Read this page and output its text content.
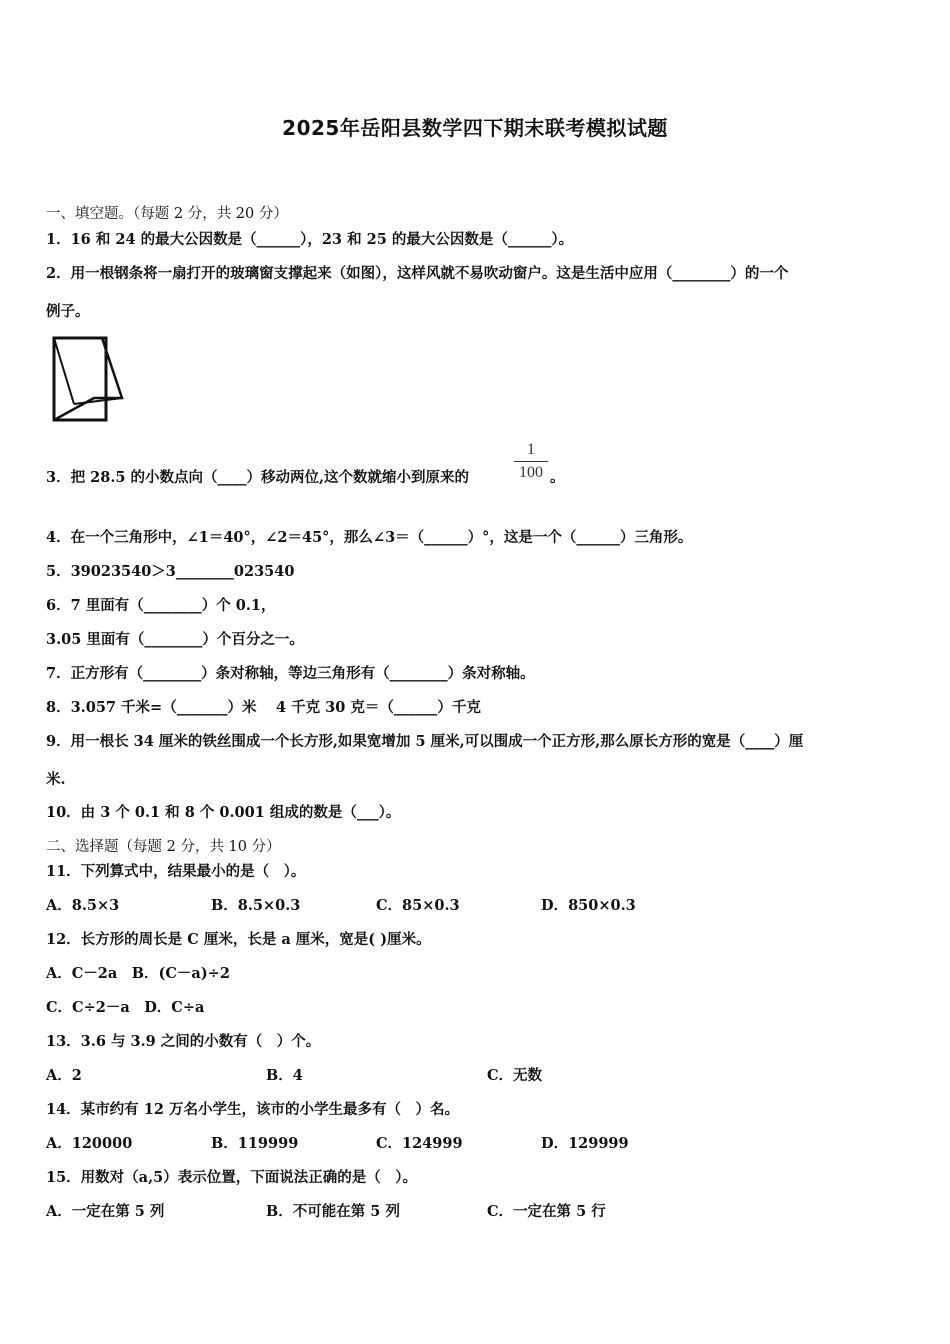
2025年岳阳县数学四下期末联考模拟试题
一、填空题。（每题 2 分，共 20 分）
1．16 和 24 的最大公因数是（______），23 和 25 的最大公因数是（______）。
2．用一根钢条将一扇打开的玻璃窗支撑起来（如图），这样风就不易吹动窗户。这是生活中应用（________）的一个
例子。
3．把 28.5 的小数点向（____）移动两位,这个数就缩小到原来的
1
100 。
4．在一个三角形中，∠1＝40°，∠2＝45°，那么∠3＝（______）°，这是一个（______）三角形。
5．39023540＞3________023540
6．7 里面有（________）个 0.1，
3.05 里面有（________）个百分之一。
7．正方形有（________）条对称轴，等边三角形有（________）条对称轴。
8．3.057 千米=（_______）米　 4 千克 30 克＝（______）千克
9．用一根长 34 厘米的铁丝围成一个长方形,如果宽增加 5 厘米,可以围成一个正方形,那么原长方形的宽是（____）厘
米.
10．由 3 个 0.1 和 8 个 0.001 组成的数是（___）。
二、选择题（每题 2 分，共 10 分）
11．下列算式中，结果最小的是（　）。
A．8.5×3	B．8.5×0.3	C．85×0.3	D．850×0.3
12．长方形的周长是 C 厘米，长是 a 厘米，宽是( )厘米。
A．C－2a　B．(C－a)÷2
C．C÷2－a　D．C÷a
13．3.6 与 3.9 之间的小数有（　）个。
A．2	B．4	C．无数
14．某市约有 12 万名小学生，该市的小学生最多有（　）名。
A．120000	B．119999	C．124999	D．129999
15．用数对（a,5）表示位置，下面说法正确的是（　）。
A．一定在第 5 列	B．不可能在第 5 列	C．一定在第 5 行
